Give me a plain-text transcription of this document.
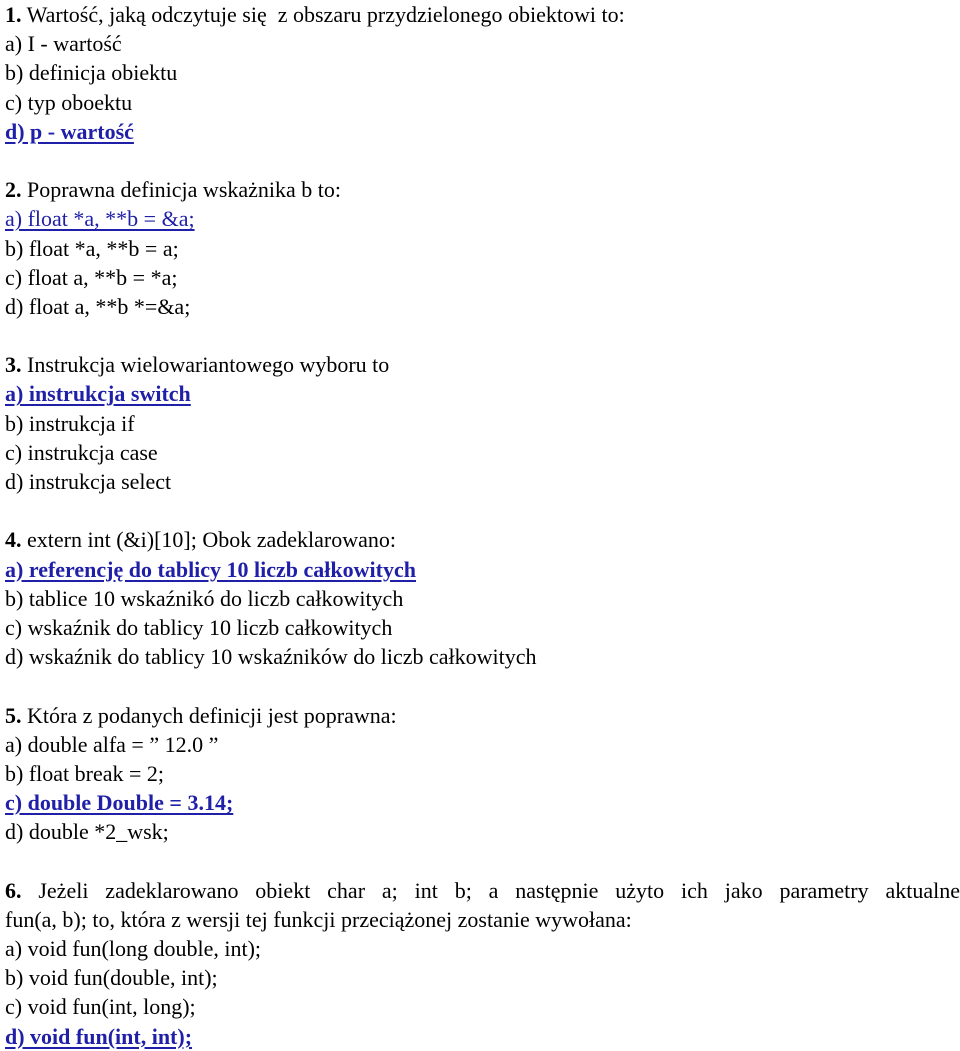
1. Wartość, jaką odczytuje się  z obszaru przydzielonego obiektowi to:
a) I - wartość
b) definicja obiektu
c) typ oboektu
d) p - wartość
2. Poprawna definicja wskażnika b to:
a) float *a, **b = &a;
b) float *a, **b = a;
c) float a, **b = *a;
d) float a, **b *=&a;
3. Instrukcja wielowariantowego wyboru to
a) instrukcja switch
b) instrukcja if
c) instrukcja case
d) instrukcja select
4. extern int (&i)[10]; Obok zadeklarowano:
a) referencję do tablicy 10 liczb całkowitych
b) tablice 10 wskaźnikó do liczb całkowitych
c) wskaźnik do tablicy 10 liczb całkowitych
d) wskaźnik do tablicy 10 wskaźników do liczb całkowitych
5. Która z podanych definicji jest poprawna:
a) double alfa = ” 12.0 ”
b) float break = 2;
c) double Double = 3.14;
d) double *2_wsk;
6. Jeżeli zadeklarowano obiekt char a; int b; a następnie użyto ich jako parametry aktualne
fun(a, b); to, która z wersji tej funkcji przeciążonej zostanie wywołana:
a) void fun(long double, int);
b) void fun(double, int);
c) void fun(int, long);
d) void fun(int, int);
